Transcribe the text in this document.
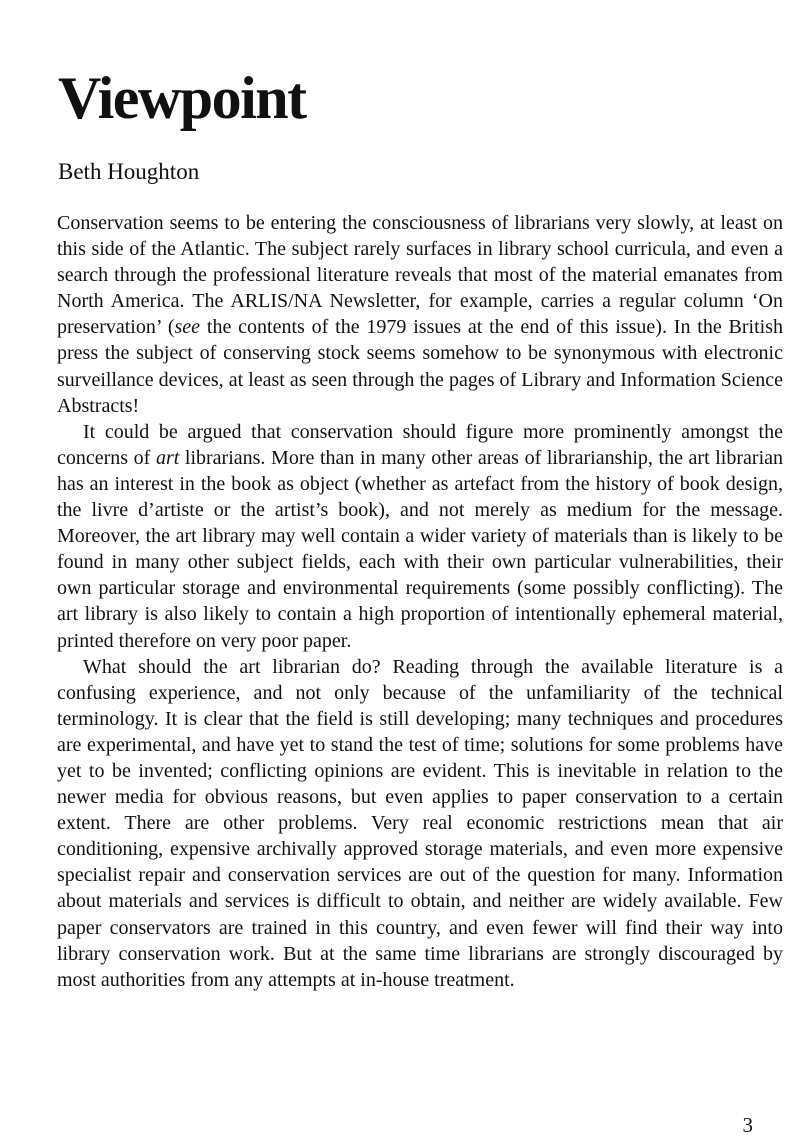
Viewpoint
Beth Houghton

Conservation seems to be entering the consciousness of librarians very slowly, at least on this side of the Atlantic. The subject rarely surfaces in library school curricula, and even a search through the professional literature reveals that most of the material emanates from North America. The ARLIS/NA Newsletter, for example, carries a regular column ‘On preservation’ (see the contents of the 1979 issues at the end of this issue). In the British press the subject of conserving stock seems somehow to be synonymous with electronic surveillance devices, at least as seen through the pages of Library and Information Science Abstracts!

It could be argued that conservation should figure more prominently amongst the concerns of art librarians. More than in many other areas of librarianship, the art librarian has an interest in the book as object (whether as artefact from the history of book design, the livre d’artiste or the artist’s book), and not merely as medium for the message. Moreover, the art library may well contain a wider variety of materials than is likely to be found in many other subject fields, each with their own particular vulnerabilities, their own particular storage and environmental requirements (some possibly conflicting). The art library is also likely to contain a high proportion of intentionally ephemeral material, printed therefore on very poor paper.

What should the art librarian do? Reading through the available literature is a confusing experience, and not only because of the unfamiliarity of the technical terminology. It is clear that the field is still developing; many techniques and procedures are experimental, and have yet to stand the test of time; solutions for some problems have yet to be invented; conflicting opinions are evident. This is inevitable in relation to the newer media for obvious reasons, but even applies to paper conservation to a certain extent. There are other problems. Very real economic restrictions mean that air conditioning, expensive archivally approved storage materials, and even more expensive specialist repair and conservation services are out of the question for many. Information about materials and services is difficult to obtain, and neither are widely available. Few paper conservators are trained in this country, and even fewer will find their way into library conservation work. But at the same time librarians are strongly discouraged by most authorities from any attempts at in-house treatment.

3
